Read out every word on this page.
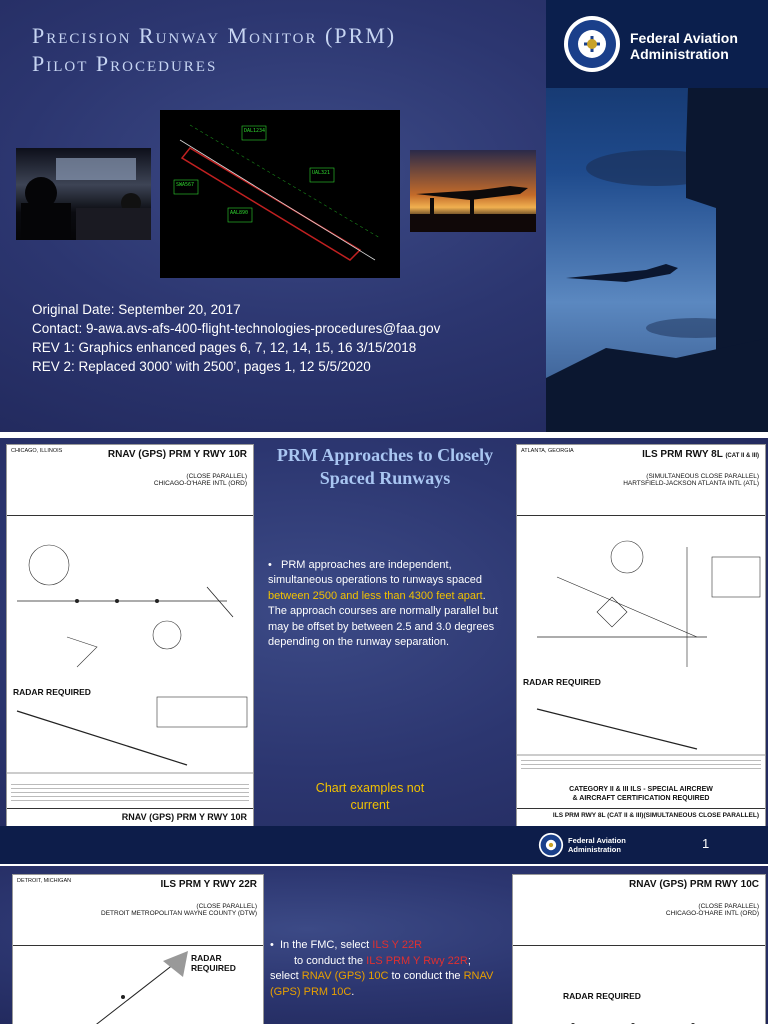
Precision Runway Monitor (PRM)
Pilot Procedures
DAL1234
UAL321
SWA567
AAL890
Federal Aviation
Administration
Original Date: September 20, 2017
Contact: 9-awa.avs-afs-400-flight-technologies-procedures@faa.gov
REV 1: Graphics enhanced pages 6, 7, 12, 14, 15, 16 3/15/2018
REV 2: Replaced 3000’ with 2500’, pages 1, 12 5/5/2020
CHICAGO, ILLINOIS	RNAV (GPS) PRM Y RWY 10R
(CLOSE PARALLEL)
CHICAGO-O'HARE INTL (ORD)
RADAR REQUIRED
RNAV (GPS) PRM Y RWY 10R
PRM Approaches to Closely Spaced Runways
•   PRM approaches are independent, simultaneous operations to runways spaced between 2500 and less than 4300 feet apart. The approach courses are normally parallel but may be offset by between 2.5 and 3.0 degrees depending on the runway separation.
Chart examples not current
ATLANTA, GEORGIA	ILS PRM RWY 8L (CAT II & III)
(SIMULTANEOUS CLOSE PARALLEL)
HARTSFIELD-JACKSON ATLANTA INTL (ATL)
RADAR REQUIRED
CATEGORY II & III ILS - SPECIAL AIRCREW
& AIRCRAFT CERTIFICATION REQUIRED
ILS PRM RWY 8L (CAT II & III)(SIMULTANEOUS CLOSE PARALLEL)
Federal Aviation
Administration	1
DETROIT, MICHIGAN	ILS PRM Y RWY 22R
(CLOSE PARALLEL)
DETROIT METROPOLITAN WAYNE COUNTY (DTW)
RADAR REQUIRED
•  In the FMC, select ILS Y 22R
to conduct the ILS PRM Y Rwy 22R; select RNAV (GPS) 10C to conduct the RNAV (GPS) PRM 10C.
RNAV (GPS) PRM RWY 10C
(CLOSE PARALLEL)
CHICAGO-O'HARE INTL (ORD)
RADAR REQUIRED
